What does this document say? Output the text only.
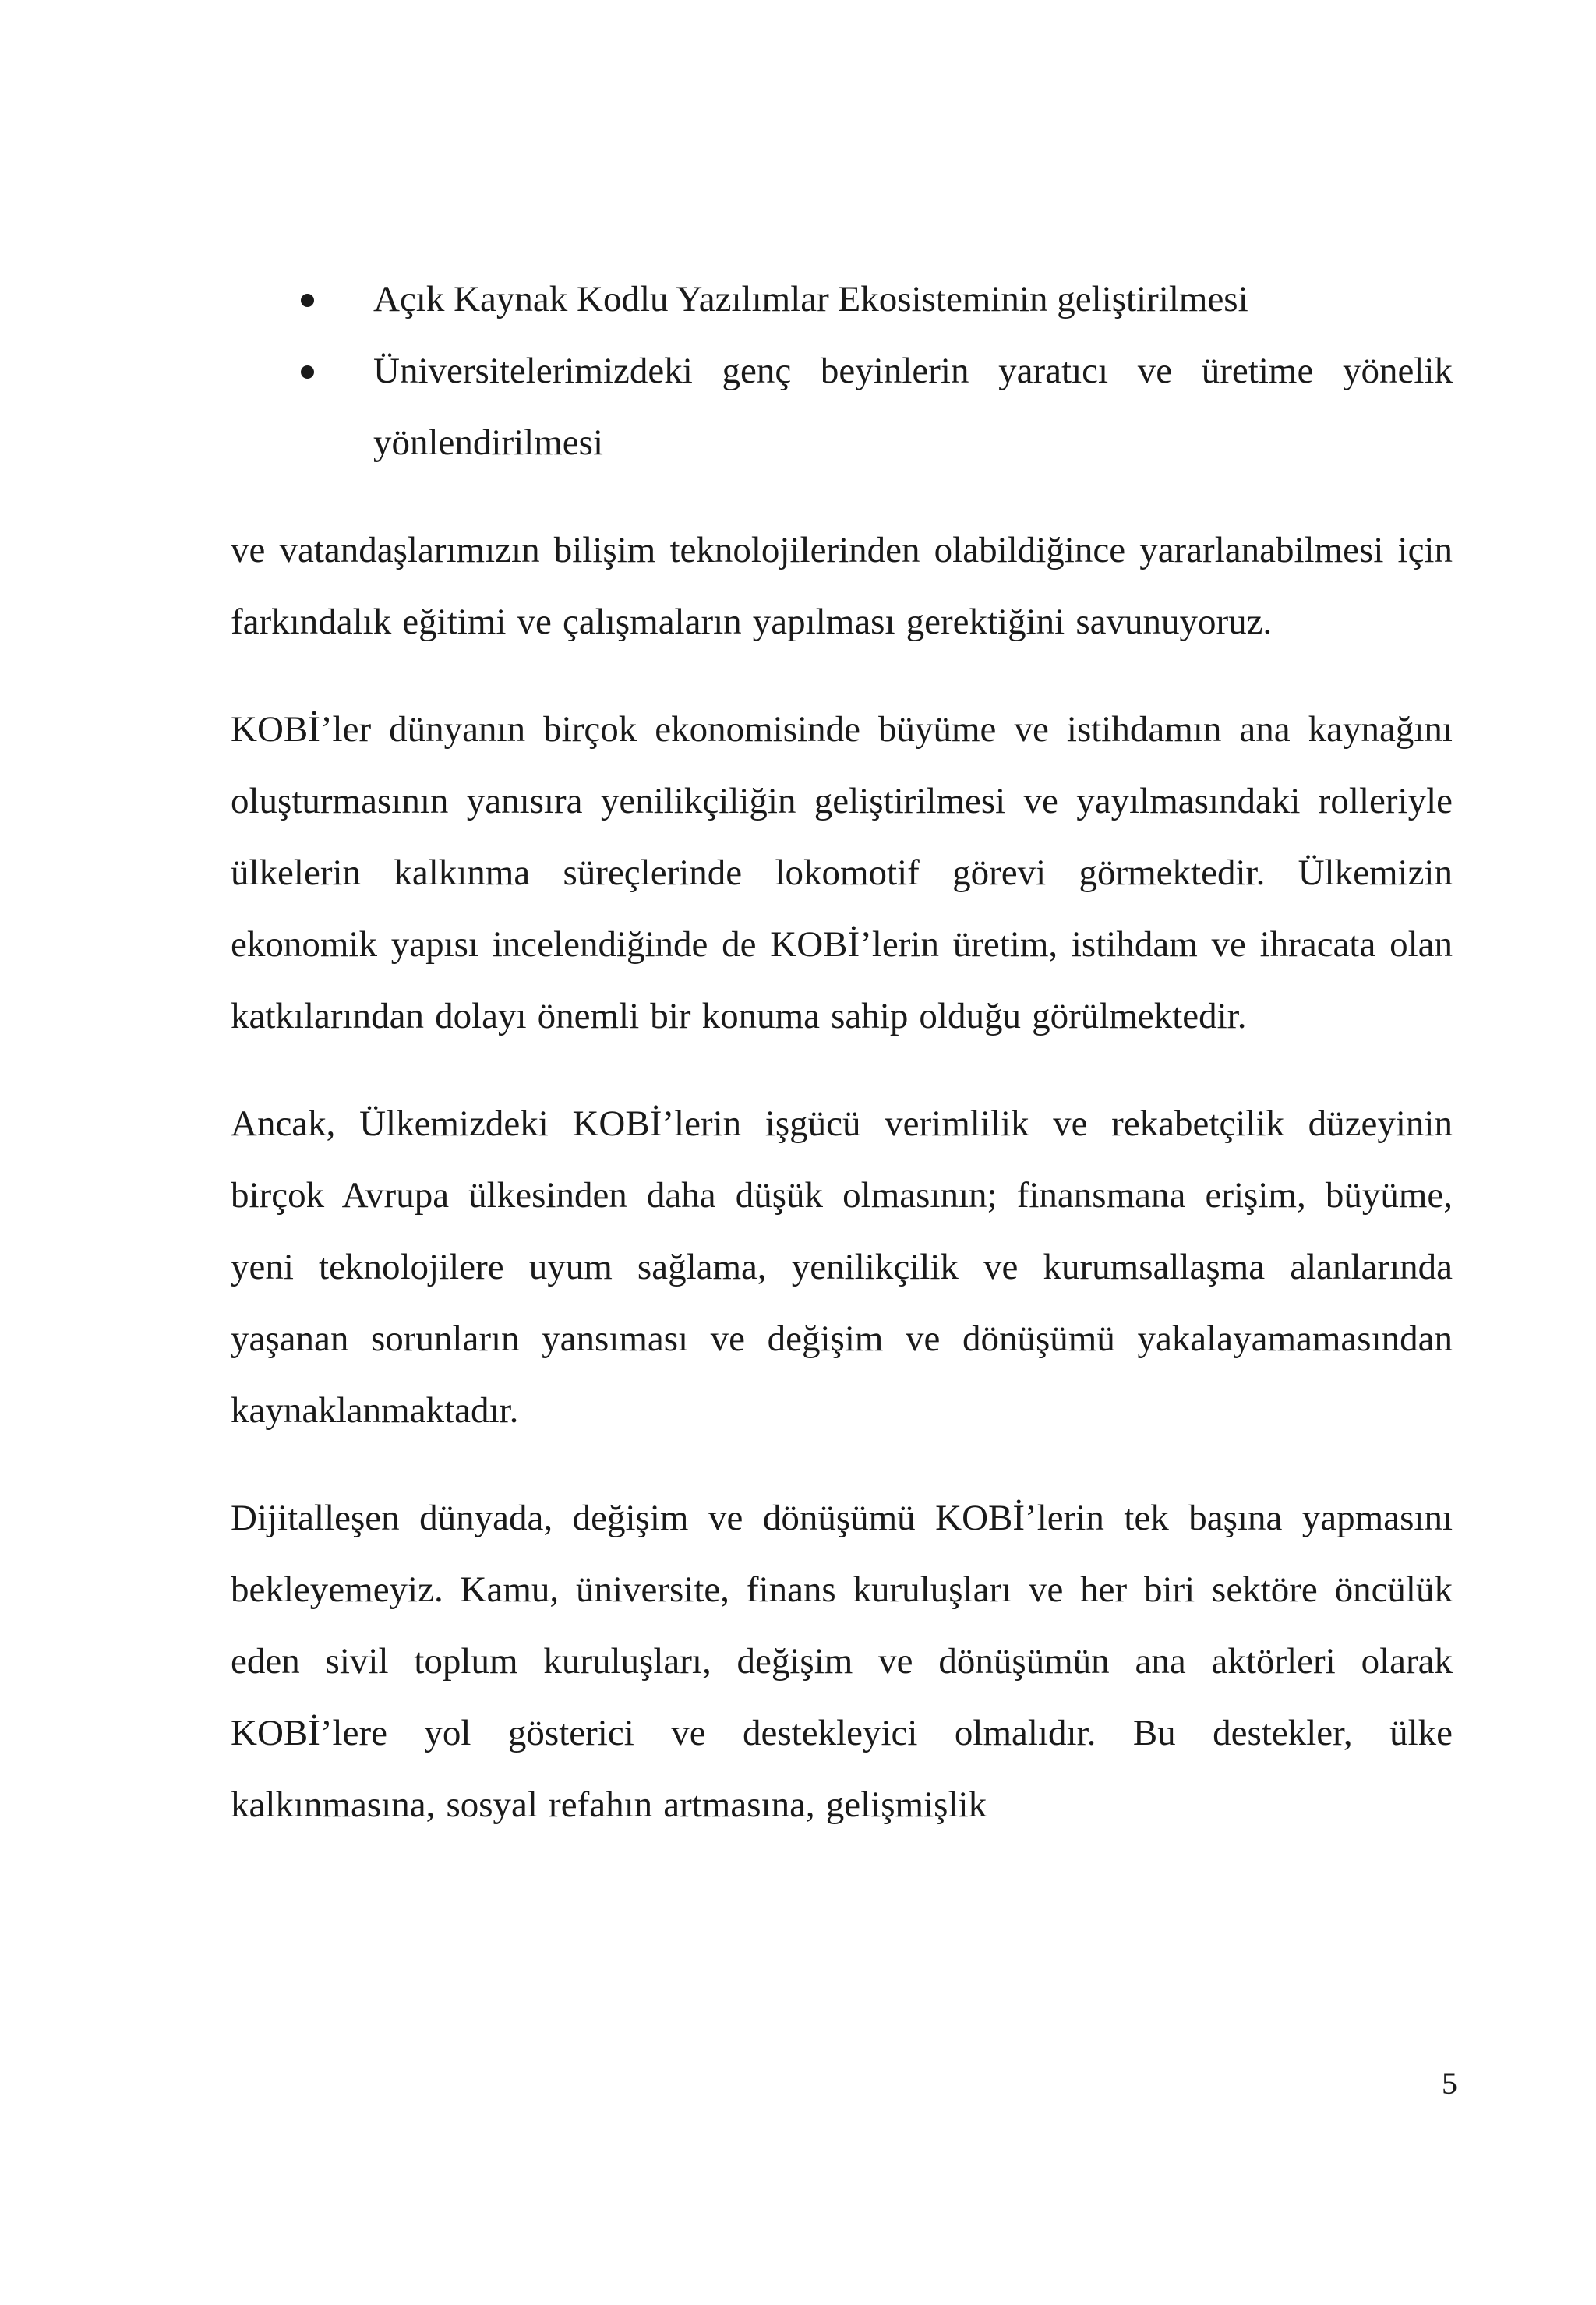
Açık Kaynak Kodlu Yazılımlar Ekosisteminin geliştirilmesi
Üniversitelerimizdeki genç beyinlerin yaratıcı ve üretime yönelik yönlendirilmesi

ve vatandaşlarımızın bilişim teknolojilerinden olabildiğince yararlanabilmesi için farkındalık eğitimi ve çalışmaların yapılması gerektiğini savunuyoruz.

KOBİ’ler dünyanın birçok ekonomisinde büyüme ve istihdamın ana kaynağını oluşturmasının yanısıra yenilikçiliğin geliştirilmesi ve yayılmasındaki rolleriyle ülkelerin kalkınma süreçlerinde lokomotif görevi görmektedir. Ülkemizin ekonomik yapısı incelendiğinde de KOBİ’lerin üretim, istihdam ve ihracata olan katkılarından dolayı önemli bir konuma sahip olduğu görülmektedir.

Ancak, Ülkemizdeki KOBİ’lerin işgücü verimlilik ve rekabetçilik düzeyinin birçok Avrupa ülkesinden daha düşük olmasının; finansmana erişim, büyüme, yeni teknolojilere uyum sağlama, yenilikçilik ve kurumsallaşma alanlarında yaşanan sorunların yansıması ve değişim ve dönüşümü yakalayamamasından kaynaklanmaktadır.

Dijitalleşen dünyada, değişim ve dönüşümü KOBİ’lerin tek başına yapmasını bekleyemeyiz. Kamu, üniversite, finans kuruluşları ve her biri sektöre öncülük eden sivil toplum kuruluşları, değişim ve dönüşümün ana aktörleri olarak KOBİ’lere yol gösterici ve destekleyici olmalıdır. Bu destekler, ülke kalkınmasına, sosyal refahın artmasına, gelişmişlik

5
